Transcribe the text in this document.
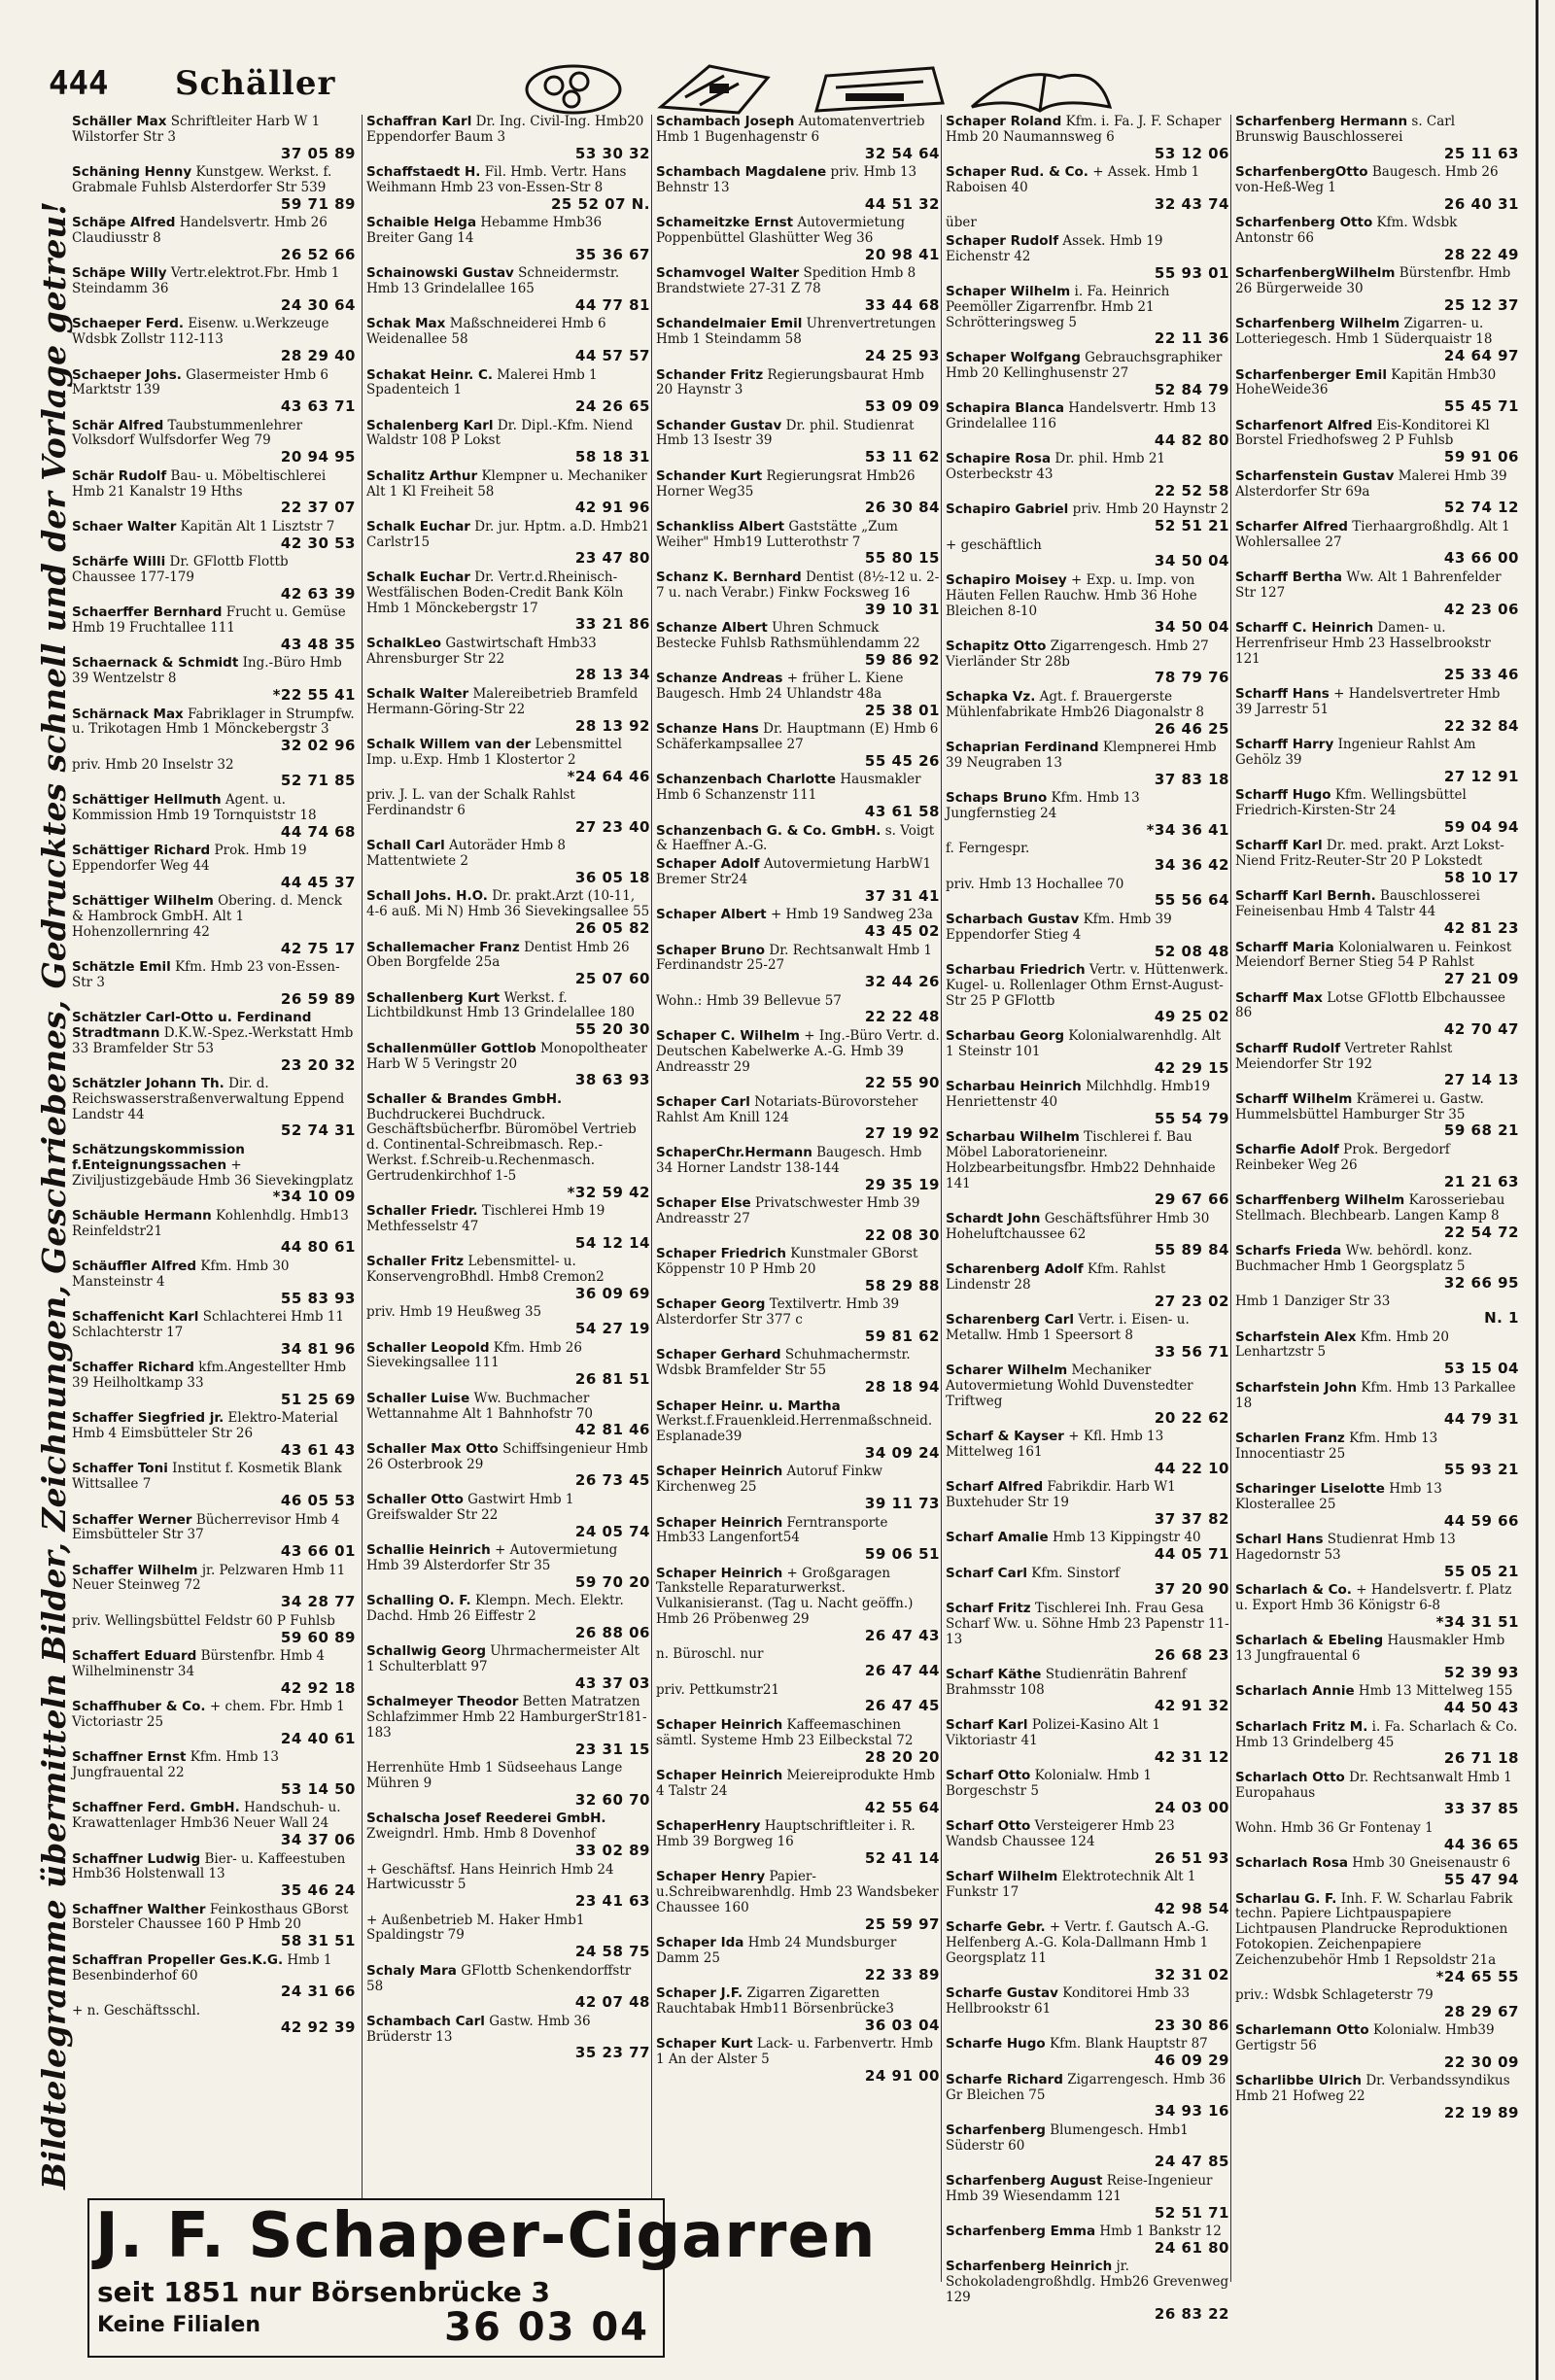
444 Schäller
Bildtelegramme übermitteln Bilder, Zeichnungen, Geschriebenes, Gedrucktes schnell und der Vorlage getreu!
Schäller Max Schriftleiter Harb W 1 Wilstorfer Str 3
37 05 89
Schäning Henny Kunstgew. Werkst. f. Grabmale Fuhlsb Alsterdorfer Str 539
59 71 89
Schäpe Alfred Handelsvertr. Hmb 26 Claudiusstr 8
26 52 66
Schäpe Willy Vertr.elektrot.Fbr. Hmb 1 Steindamm 36
24 30 64
Schaeper Ferd. Eisenw. u.Werkzeuge Wdsbk Zollstr 112-113
28 29 40
Schaeper Johs. Glasermeister Hmb 6 Marktstr 139
43 63 71
Schär Alfred Taubstummenlehrer Volksdorf Wulfsdorfer Weg 79
20 94 95
Schär Rudolf Bau- u. Möbeltischlerei Hmb 21 Kanalstr 19 Hths
22 37 07
Schaer Walter Kapitän Alt 1 Lisztstr 7
42 30 53
Schärfe Willi Dr. GFlottb Flottb Chaussee 177-179
42 63 39
Schaerffer Bernhard Frucht u. Gemüse Hmb 19 Fruchtallee 111
43 48 35
Schaernack & Schmidt Ing.-Büro Hmb 39 Wentzelstr 8
*22 55 41
Schärnack Max Fabriklager in Strumpfw. u. Trikotagen Hmb 1 Mönckebergstr 3
32 02 96
priv. Hmb 20 Inselstr 32
52 71 85
Schättiger Hellmuth Agent. u. Kommission Hmb 19 Tornquiststr 18
44 74 68
Schättiger Richard Prok. Hmb 19 Eppendorfer Weg 44
44 45 37
Schättiger Wilhelm Obering. d. Menck & Hambrock GmbH. Alt 1 Hohenzollernring 42
42 75 17
Schätzle Emil Kfm. Hmb 23 von-Essen-Str 3
26 59 89
Schätzler Carl-Otto u. Ferdinand Stradtmann D.K.W.-Spez.-Werkstatt Hmb 33 Bramfelder Str 53
23 20 32
Schätzler Johann Th. Dir. d. Reichswasserstraßenverwaltung Eppend Landstr 44
52 74 31
Schätzungskommission f.Enteignungssachen + Ziviljustizgebäude Hmb 36 Sievekingplatz
*34 10 09
Schäuble Hermann Kohlenhdlg. Hmb13 Reinfeldstr21
44 80 61
Schäuffler Alfred Kfm. Hmb 30 Mansteinstr 4
55 83 93
Schaffenicht Karl Schlachterei Hmb 11 Schlachterstr 17
34 81 96
Schaffer Richard kfm.Angestellter Hmb 39 Heilholtkamp 33
51 25 69
Schaffer Siegfried jr. Elektro-Material Hmb 4 Eimsbütteler Str 26
43 61 43
Schaffer Toni Institut f. Kosmetik Blank Wittsallee 7
46 05 53
Schaffer Werner Bücherrevisor Hmb 4 Eimsbütteler Str 37
43 66 01
Schaffer Wilhelm jr. Pelzwaren Hmb 11 Neuer Steinweg 72
34 28 77
priv. Wellingsbüttel Feldstr 60 P Fuhlsb
59 60 89
Schaffert Eduard Bürstenfbr. Hmb 4 Wilhelminenstr 34
42 92 18
Schaffhuber & Co. + chem. Fbr. Hmb 1 Victoriastr 25
24 40 61
Schaffner Ernst Kfm. Hmb 13 Jungfrauental 22
53 14 50
Schaffner Ferd. GmbH. Handschuh- u. Krawattenlager Hmb36 Neuer Wall 24
34 37 06
Schaffner Ludwig Bier- u. Kaffeestuben Hmb36 Holstenwall 13
35 46 24
Schaffner Walther Feinkosthaus GBorst Borsteler Chaussee 160 P Hmb 20
58 31 51
Schaffran Propeller Ges.K.G. Hmb 1 Besenbinderhof 60
24 31 66
+ n. Geschäftsschl.
42 92 39
Schaffran Karl Dr. Ing. Civil-Ing. Hmb20 Eppendorfer Baum 3
53 30 32
Schaffstaedt H. Fil. Hmb. Vertr. Hans Weihmann Hmb 23 von-Essen-Str 8
25 52 07 N.
Schaible Helga Hebamme Hmb36 Breiter Gang 14
35 36 67
Schainowski Gustav Schneidermstr. Hmb 13 Grindelallee 165
44 77 81
Schak Max Maßschneiderei Hmb 6 Weidenallee 58
44 57 57
Schakat Heinr. C. Malerei Hmb 1 Spadenteich 1
24 26 65
Schalenberg Karl Dr. Dipl.-Kfm. Niend Waldstr 108 P Lokst
58 18 31
Schalitz Arthur Klempner u. Mechaniker Alt 1 Kl Freiheit 58
42 91 96
Schalk Euchar Dr. jur. Hptm. a.D. Hmb21 Carlstr15
23 47 80
Schalk Euchar Dr. Vertr.d.Rheinisch-Westfälischen Boden-Credit Bank Köln Hmb 1 Mönckebergstr 17
33 21 86
SchalkLeo Gastwirtschaft Hmb33 Ahrensburger Str 22
28 13 34
Schalk Walter Malereibetrieb Bramfeld Hermann-Göring-Str 22
28 13 92
Schalk Willem van der Lebensmittel Imp. u.Exp. Hmb 1 Klostertor 2
*24 64 46
priv. J. L. van der Schalk Rahlst Ferdinandstr 6
27 23 40
Schall Carl Autoräder Hmb 8 Mattentwiete 2
36 05 18
Schall Johs. H.O. Dr. prakt.Arzt (10-11, 4-6 auß. Mi N) Hmb 36 Sievekingsallee 55
26 05 82
Schallemacher Franz Dentist Hmb 26 Oben Borgfelde 25a
25 07 60
Schallenberg Kurt Werkst. f. Lichtbildkunst Hmb 13 Grindelallee 180
55 20 30
Schallenmüller Gottlob Monopoltheater Harb W 5 Veringstr 20
38 63 93
Schaller & Brandes GmbH. Buchdruckerei Buchdruck. Geschäftsbücherfbr. Büromöbel Vertrieb d. Continental-Schreibmasch. Rep.-Werkst. f.Schreib-u.Rechenmasch. Gertrudenkirchhof 1-5
*32 59 42
Schaller Friedr. Tischlerei Hmb 19 Methfesselstr 47
54 12 14
Schaller Fritz Lebensmittel- u. KonservengroBhdl. Hmb8 Cremon2
36 09 69
priv. Hmb 19 Heußweg 35
54 27 19
Schaller Leopold Kfm. Hmb 26 Sievekingsallee 111
26 81 51
Schaller Luise Ww. Buchmacher Wettannahme Alt 1 Bahnhofstr 70
42 81 46
Schaller Max Otto Schiffsingenieur Hmb 26 Osterbrook 29
26 73 45
Schaller Otto Gastwirt Hmb 1 Greifswalder Str 22
24 05 74
Schallie Heinrich + Autovermietung Hmb 39 Alsterdorfer Str 35
59 70 20
Schalling O. F. Klempn. Mech. Elektr. Dachd. Hmb 26 Eiffestr 2
26 88 06
Schallwig Georg Uhrmachermeister Alt 1 Schulterblatt 97
43 37 03
Schalmeyer Theodor Betten Matratzen Schlafzimmer Hmb 22 HamburgerStr181-183
23 31 15
Herrenhüte Hmb 1 Südseehaus Lange Mühren 9
32 60 70
Schalscha Josef Reederei GmbH. Zweigndrl. Hmb. Hmb 8 Dovenhof
33 02 89
+ Geschäftsf. Hans Heinrich Hmb 24 Hartwicusstr 5
23 41 63
+ Außenbetrieb M. Haker Hmb1 Spaldingstr 79
24 58 75
Schaly Mara GFlottb Schenkendorffstr 58
42 07 48
Schambach Carl Gastw. Hmb 36 Brüderstr 13
35 23 77
Schambach Joseph Automatenvertrieb Hmb 1 Bugenhagenstr 6
32 54 64
Schambach Magdalene priv. Hmb 13 Behnstr 13
44 51 32
Schameitzke Ernst Autovermietung Poppenbüttel Glashütter Weg 36
20 98 41
Schamvogel Walter Spedition Hmb 8 Brandstwiete 27-31 Z 78
33 44 68
Schandelmaier Emil Uhrenvertretungen Hmb 1 Steindamm 58
24 25 93
Schander Fritz Regierungsbaurat Hmb 20 Haynstr 3
53 09 09
Schander Gustav Dr. phil. Studienrat Hmb 13 Isestr 39
53 11 62
Schander Kurt Regierungsrat Hmb26 Horner Weg35
26 30 84
Schankliss Albert Gaststätte „Zum Weiher" Hmb19 Lutterothstr 7
55 80 15
Schanz K. Bernhard Dentist (8½-12 u. 2-7 u. nach Verabr.) Finkw Focksweg 16
39 10 31
Schanze Albert Uhren Schmuck Bestecke Fuhlsb Rathsmühlendamm 22
59 86 92
Schanze Andreas + früher L. Kiene Baugesch. Hmb 24 Uhlandstr 48a
25 38 01
Schanze Hans Dr. Hauptmann (E) Hmb 6 Schäferkampsallee 27
55 45 26
Schanzenbach Charlotte Hausmakler Hmb 6 Schanzenstr 111
43 61 58
Schanzenbach G. & Co. GmbH. s. Voigt & Haeffner A.-G.
Schaper Adolf Autovermietung HarbW1 Bremer Str24
37 31 41
Schaper Albert + Hmb 19 Sandweg 23a
43 45 02
Schaper Bruno Dr. Rechtsanwalt Hmb 1 Ferdinandstr 25-27
32 44 26
Wohn.: Hmb 39 Bellevue 57
22 22 48
Schaper C. Wilhelm + Ing.-Büro Vertr. d. Deutschen Kabelwerke A.-G. Hmb 39 Andreasstr 29
22 55 90
Schaper Carl Notariats-Bürovorsteher Rahlst Am Knill 124
27 19 92
SchaperChr.Hermann Baugesch. Hmb 34 Horner Landstr 138-144
29 35 19
Schaper Else Privatschwester Hmb 39 Andreasstr 27
22 08 30
Schaper Friedrich Kunstmaler GBorst Köppenstr 10 P Hmb 20
58 29 88
Schaper Georg Textilvertr. Hmb 39 Alsterdorfer Str 377 c
59 81 62
Schaper Gerhard Schuhmachermstr. Wdsbk Bramfelder Str 55
28 18 94
Schaper Heinr. u. Martha Werkst.f.Frauenkleid.Herrenmaßschneid. Esplanade39
34 09 24
Schaper Heinrich Autoruf Finkw Kirchenweg 25
39 11 73
Schaper Heinrich Ferntransporte Hmb33 Langenfort54
59 06 51
Schaper Heinrich + Großgaragen Tankstelle Reparaturwerkst. Vulkanisieranst. (Tag u. Nacht geöffn.) Hmb 26 Pröbenweg 29
26 47 43
n. Büroschl. nur
26 47 44
priv. Pettkumstr21
26 47 45
Schaper Heinrich Kaffeemaschinen sämtl. Systeme Hmb 23 Eilbeckstal 72
28 20 20
Schaper Heinrich Meiereiprodukte Hmb 4 Talstr 24
42 55 64
SchaperHenry Hauptschriftleiter i. R. Hmb 39 Borgweg 16
52 41 14
Schaper Henry Papier-u.Schreibwarenhdlg. Hmb 23 Wandsbeker Chaussee 160
25 59 97
Schaper Ida Hmb 24 Mundsburger Damm 25
22 33 89
Schaper J.F. Zigarren Zigaretten Rauchtabak Hmb11 Börsenbrücke3
36 03 04
Schaper Kurt Lack- u. Farbenvertr. Hmb 1 An der Alster 5
24 91 00
Schaper Roland Kfm. i. Fa. J. F. Schaper Hmb 20 Naumannsweg 6
53 12 06
Schaper Rud. & Co. + Assek. Hmb 1 Raboisen 40
32 43 74
über
Schaper Rudolf Assek. Hmb 19 Eichenstr 42
55 93 01
Schaper Wilhelm i. Fa. Heinrich Peemöller Zigarrenfbr. Hmb 21 Schrötteringsweg 5
22 11 36
Schaper Wolfgang Gebrauchsgraphiker Hmb 20 Kellinghusenstr 27
52 84 79
Schapira Blanca Handelsvertr. Hmb 13 Grindelallee 116
44 82 80
Schapire Rosa Dr. phil. Hmb 21 Osterbeckstr 43
22 52 58
Schapiro Gabriel priv. Hmb 20 Haynstr 2
52 51 21
+ geschäftlich
34 50 04
Schapiro Moisey + Exp. u. Imp. von Häuten Fellen Rauchw. Hmb 36 Hohe Bleichen 8-10
34 50 04
Schapitz Otto Zigarrengesch. Hmb 27 Vierländer Str 28b
78 79 76
Schapka Vz. Agt. f. Brauergerste Mühlenfabrikate Hmb26 Diagonalstr 8
26 46 25
Schaprian Ferdinand Klempnerei Hmb 39 Neugraben 13
37 83 18
Schaps Bruno Kfm. Hmb 13 Jungfernstieg 24
*34 36 41
f. Ferngespr.
34 36 42
priv. Hmb 13 Hochallee 70
55 56 64
Scharbach Gustav Kfm. Hmb 39 Eppendorfer Stieg 4
52 08 48
Scharbau Friedrich Vertr. v. Hüttenwerk. Kugel- u. Rollenlager Othm Ernst-August-Str 25 P GFlottb
49 25 02
Scharbau Georg Kolonialwarenhdlg. Alt 1 Steinstr 101
42 29 15
Scharbau Heinrich Milchhdlg. Hmb19 Henriettenstr 40
55 54 79
Scharbau Wilhelm Tischlerei f. Bau Möbel Laboratorieneinr. Holzbearbeitungsfbr. Hmb22 Dehnhaide 141
29 67 66
Schardt John Geschäftsführer Hmb 30 Hoheluftchaussee 62
55 89 84
Scharenberg Adolf Kfm. Rahlst Lindenstr 28
27 23 02
Scharenberg Carl Vertr. i. Eisen- u. Metallw. Hmb 1 Speersort 8
33 56 71
Scharer Wilhelm Mechaniker Autovermietung Wohld Duvenstedter Triftweg
20 22 62
Scharf & Kayser + Kfl. Hmb 13 Mittelweg 161
44 22 10
Scharf Alfred Fabrikdir. Harb W1 Buxtehuder Str 19
37 37 82
Scharf Amalie Hmb 13 Kippingstr 40
44 05 71
Scharf Carl Kfm. Sinstorf
37 20 90
Scharf Fritz Tischlerei Inh. Frau Gesa Scharf Ww. u. Söhne Hmb 23 Papenstr 11-13
26 68 23
Scharf Käthe Studienrätin Bahrenf Brahmsstr 108
42 91 32
Scharf Karl Polizei-Kasino Alt 1 Viktoriastr 41
42 31 12
Scharf Otto Kolonialw. Hmb 1 Borgeschstr 5
24 03 00
Scharf Otto Versteigerer Hmb 23 Wandsb Chaussee 124
26 51 93
Scharf Wilhelm Elektrotechnik Alt 1 Funkstr 17
42 98 54
Scharfe Gebr. + Vertr. f. Gautsch A.-G. Helfenberg A.-G. Kola-Dallmann Hmb 1 Georgsplatz 11
32 31 02
Scharfe Gustav Konditorei Hmb 33 Hellbrookstr 61
23 30 86
Scharfe Hugo Kfm. Blank Hauptstr 87
46 09 29
Scharfe Richard Zigarrengesch. Hmb 36 Gr Bleichen 75
34 93 16
Scharfenberg Blumengesch. Hmb1 Süderstr 60
24 47 85
Scharfenberg August Reise-Ingenieur Hmb 39 Wiesendamm 121
52 51 71
Scharfenberg Emma Hmb 1 Bankstr 12
24 61 80
Scharfenberg Heinrich jr. Schokoladengroßhdlg. Hmb26 Grevenweg 129
26 83 22
Scharfenberg Hermann s. Carl Brunswig Bauschlosserei
25 11 63
ScharfenbergOtto Baugesch. Hmb 26 von-Heß-Weg 1
26 40 31
Scharfenberg Otto Kfm. Wdsbk Antonstr 66
28 22 49
ScharfenbergWilhelm Bürstenfbr. Hmb 26 Bürgerweide 30
25 12 37
Scharfenberg Wilhelm Zigarren- u. Lotteriegesch. Hmb 1 Süderquaistr 18
24 64 97
Scharfenberger Emil Kapitän Hmb30 HoheWeide36
55 45 71
Scharfenort Alfred Eis-Konditorei Kl Borstel Friedhofsweg 2 P Fuhlsb
59 91 06
Scharfenstein Gustav Malerei Hmb 39 Alsterdorfer Str 69a
52 74 12
Scharfer Alfred Tierhaargroßhdlg. Alt 1 Wohlersallee 27
43 66 00
Scharff Bertha Ww. Alt 1 Bahrenfelder Str 127
42 23 06
Scharff C. Heinrich Damen- u. Herrenfriseur Hmb 23 Hasselbrookstr 121
25 33 46
Scharff Hans + Handelsvertreter Hmb 39 Jarrestr 51
22 32 84
Scharff Harry Ingenieur Rahlst Am Gehölz 39
27 12 91
Scharff Hugo Kfm. Wellingsbüttel Friedrich-Kirsten-Str 24
59 04 94
Scharff Karl Dr. med. prakt. Arzt Lokst-Niend Fritz-Reuter-Str 20 P Lokstedt
58 10 17
Scharff Karl Bernh. Bauschlosserei Feineisenbau Hmb 4 Talstr 44
42 81 23
Scharff Maria Kolonialwaren u. Feinkost Meiendorf Berner Stieg 54 P Rahlst
27 21 09
Scharff Max Lotse GFlottb Elbchaussee 86
42 70 47
Scharff Rudolf Vertreter Rahlst Meiendorfer Str 192
27 14 13
Scharff Wilhelm Krämerei u. Gastw. Hummelsbüttel Hamburger Str 35
59 68 21
Scharfie Adolf Prok. Bergedorf Reinbeker Weg 26
21 21 63
Scharffenberg Wilhelm Karosseriebau Stellmach. Blechbearb. Langen Kamp 8
22 54 72
Scharfs Frieda Ww. behördl. konz. Buchmacher Hmb 1 Georgsplatz 5
32 66 95
Hmb 1 Danziger Str 33
N. 1
Scharfstein Alex Kfm. Hmb 20 Lenhartzstr 5
53 15 04
Scharfstein John Kfm. Hmb 13 Parkallee 18
44 79 31
Scharlen Franz Kfm. Hmb 13 Innocentiastr 25
55 93 21
Scharinger Liselotte Hmb 13 Klosterallee 25
44 59 66
Scharl Hans Studienrat Hmb 13 Hagedornstr 53
55 05 21
Scharlach & Co. + Handelsvertr. f. Platz u. Export Hmb 36 Königstr 6-8
*34 31 51
Scharlach & Ebeling Hausmakler Hmb 13 Jungfrauental 6
52 39 93
Scharlach Annie Hmb 13 Mittelweg 155
44 50 43
Scharlach Fritz M. i. Fa. Scharlach & Co. Hmb 13 Grindelberg 45
26 71 18
Scharlach Otto Dr. Rechtsanwalt Hmb 1 Europahaus
33 37 85
Wohn. Hmb 36 Gr Fontenay 1
44 36 65
Scharlach Rosa Hmb 30 Gneisenaustr 6
55 47 94
Scharlau G. F. Inh. F. W. Scharlau Fabrik techn. Papiere Lichtpauspapiere Lichtpausen Plandrucke Reproduktionen Fotokopien. Zeichenpapiere Zeichenzubehör Hmb 1 Repsoldstr 21a
*24 65 55
priv.: Wdsbk Schlageterstr 79
28 29 67
Scharlemann Otto Kolonialw. Hmb39 Gertigstr 56
22 30 09
Scharlibbe Ulrich Dr. Verbandssyndikus Hmb 21 Hofweg 22
22 19 89
J. F. Schaper-Cigarren
seit 1851 nur Börsenbrücke 3
Keine Filialen	36 03 04
